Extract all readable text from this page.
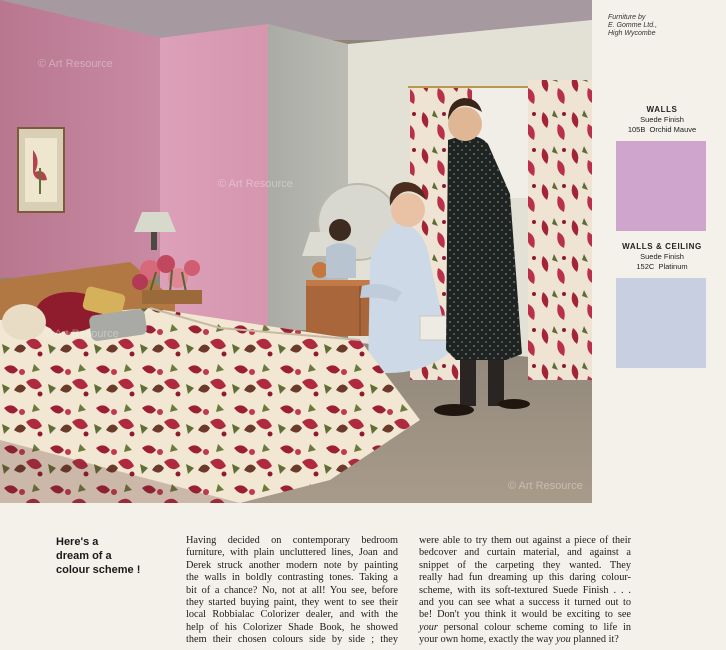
© Art Resource
© Art Resource
© Art Resource
© Art Resource
Furniture by
E. Gomme Ltd.,
High Wycombe
WALLS
Suede Finish
105B  Orchid Mauve
WALLS & CEILING
Suede Finish
152C  Platinum
Here's a
dream of a
colour scheme !
Having decided on contemporary bedroom
furniture, with plain uncluttered lines, Joan and
Derek struck another modern note by painting
the walls in boldly contrasting tones. Taking a
bit of a chance? No, not at all! You see, before
they started buying paint, they went to see their
local Robbialac Colorizer dealer, and with the
help of his Colorizer Shade Book, he showed
them their chosen colours side by side ; they
were able to try them out against a piece of their
bedcover and curtain material, and against a
snippet of the carpeting they wanted. They
really had fun dreaming up this daring colour-
scheme, with its soft-textured Suede Finish . . .
and you can see what a success it turned out to
be! Don't you think it would be exciting to see
your personal colour scheme coming to life in
your own home, exactly the way you planned it?
